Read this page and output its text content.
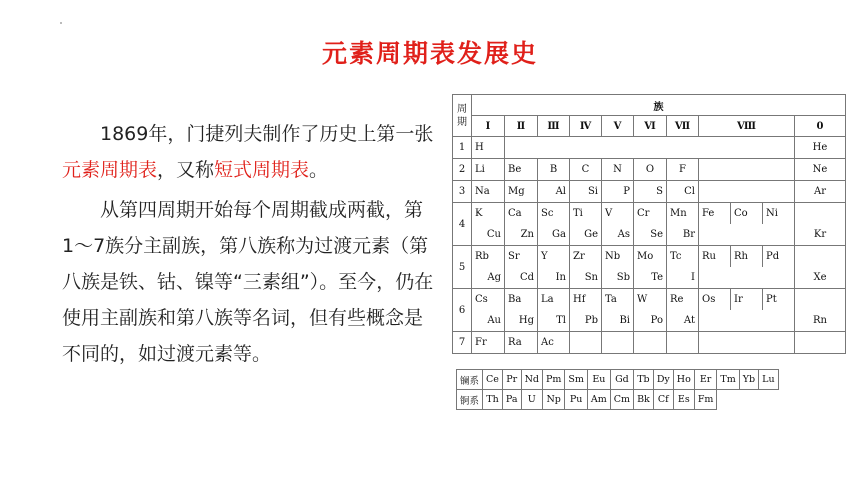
元素周期表发展史

1869年，门捷列夫制作了历史上第一张元素周期表，又称短式周期表。

从第四周期开始每个周期截成两截，第1～7族分主副族，第八族称为过渡元素（第八族是铁、钴、镍等“三素组”）。至今，仍在使用主副族和第八族等名词，但有些概念是不同的，如过渡元素等。

周期	族										
	I	Ⅱ	Ⅲ	Ⅳ	Ⅴ	Ⅵ	Ⅶ	Ⅷ			0
1	H										He
2	Li	Be	B	C	N	O	F				Ne
3	Na	Mg	Al	Si	P	S	Cl				Ar
4	K	Ca	Sc	Ti	V	Cr	Mn	Fe	Co	Ni	
	Cu	Zn	Ga	Ge	As	Se	Br				Kr
5	Rb	Sr	Y	Zr	Nb	Mo	Tc	Ru	Rh	Pd	
	Ag	Cd	In	Sn	Sb	Te	I				Xe
6	Cs	Ba	La	Hf	Ta	W	Re	Os	Ir	Pt	
	Au	Hg	Tl	Pb	Bi	Po	At				Rn
7	Fr	Ra	Ac								
镧系	Ce	Pr	Nd	Pm	Sm	Eu	Gd	Tb	Dy	Ho	Er	Tm	Yb	Lu
锕系	Th	Pa	U	Np	Pu	Am	Cm	Bk	Cf	Es	Fm			
